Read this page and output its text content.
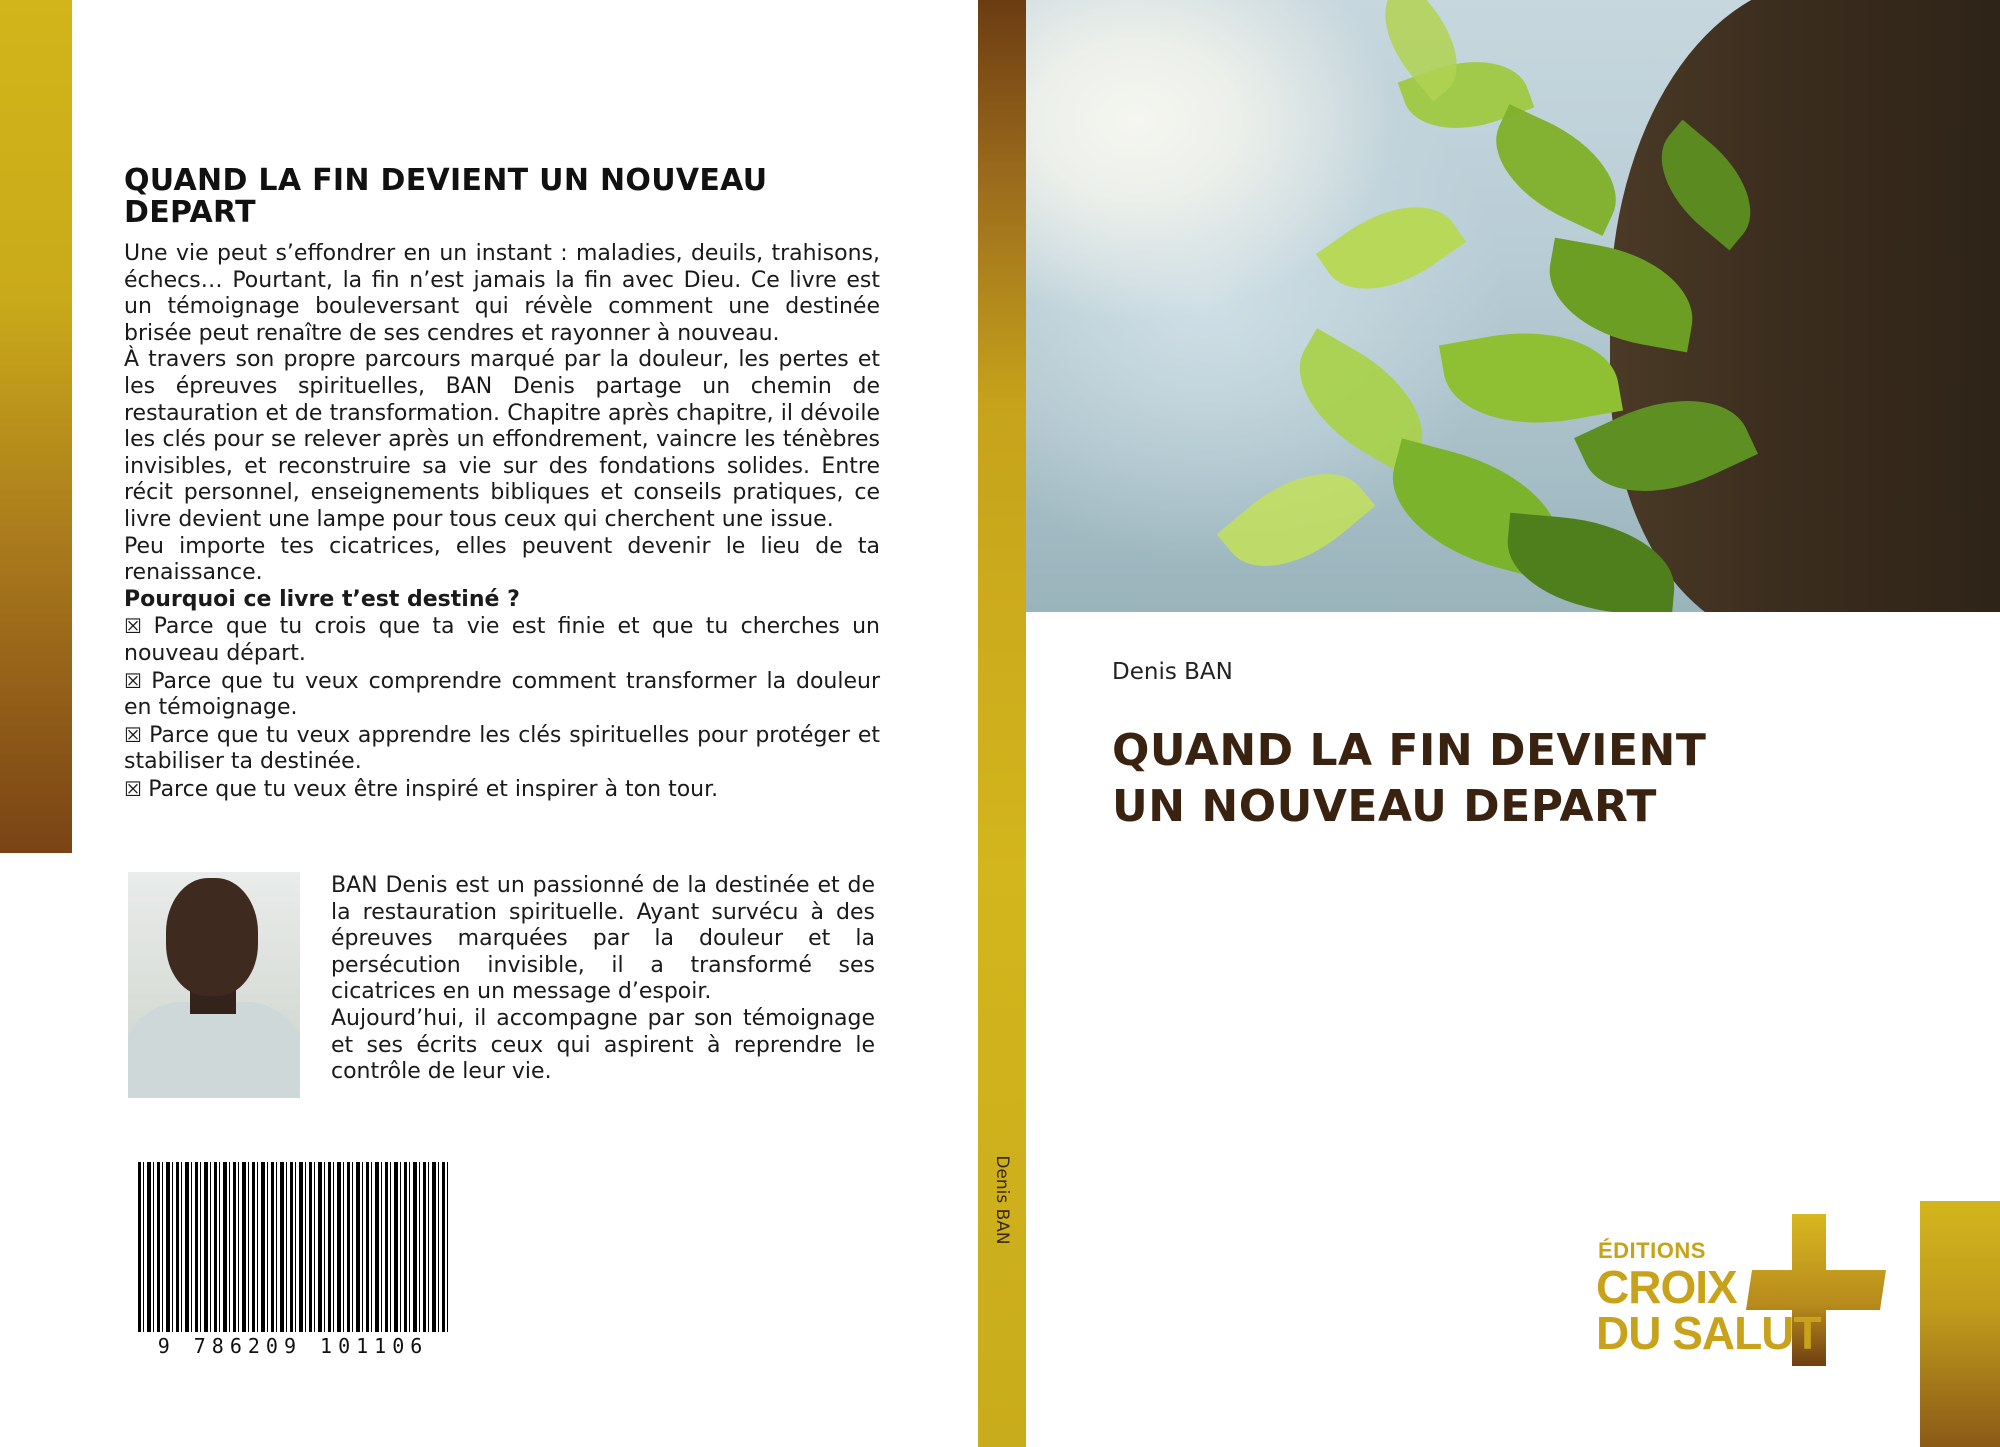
QUAND LA FIN DEVIENT UN NOUVEAU DEPART

Une vie peut s’effondrer en un instant : maladies, deuils, trahisons, échecs… Pourtant, la fin n’est jamais la fin avec Dieu. Ce livre est un témoignage bouleversant qui révèle comment une destinée brisée peut renaître de ses cendres et rayonner à nouveau.

À travers son propre parcours marqué par la douleur, les pertes et les épreuves spirituelles, BAN Denis partage un chemin de restauration et de transformation. Chapitre après chapitre, il dévoile les clés pour se relever après un effondrement, vaincre les ténèbres invisibles, et reconstruire sa vie sur des fondations solides. Entre récit personnel, enseignements bibliques et conseils pratiques, ce livre devient une lampe pour tous ceux qui cherchent une issue.

Peu importe tes cicatrices, elles peuvent devenir le lieu de ta renaissance.

Pourquoi ce livre t’est destiné ?

☒ Parce que tu crois que ta vie est finie et que tu cherches un nouveau départ.

☒ Parce que tu veux comprendre comment transformer la douleur en témoignage.

☒ Parce que tu veux apprendre les clés spirituelles pour protéger et stabiliser ta destinée.

☒ Parce que tu veux être inspiré et inspirer à ton tour.

BAN Denis est un passionné de la destinée et de la restauration spirituelle. Ayant survécu à des épreuves marquées par la douleur et la persécution invisible, il a transformé ses cicatrices en un message d’espoir.

Aujourd’hui, il accompagne par son témoignage et ses écrits ceux qui aspirent à reprendre le contrôle de leur vie.

9 786209 101106
Denis BAN
Denis BAN
QUAND LA FIN DEVIENT UN NOUVEAU DEPART
ÉDITIONS
CROIX
DU SALUT
